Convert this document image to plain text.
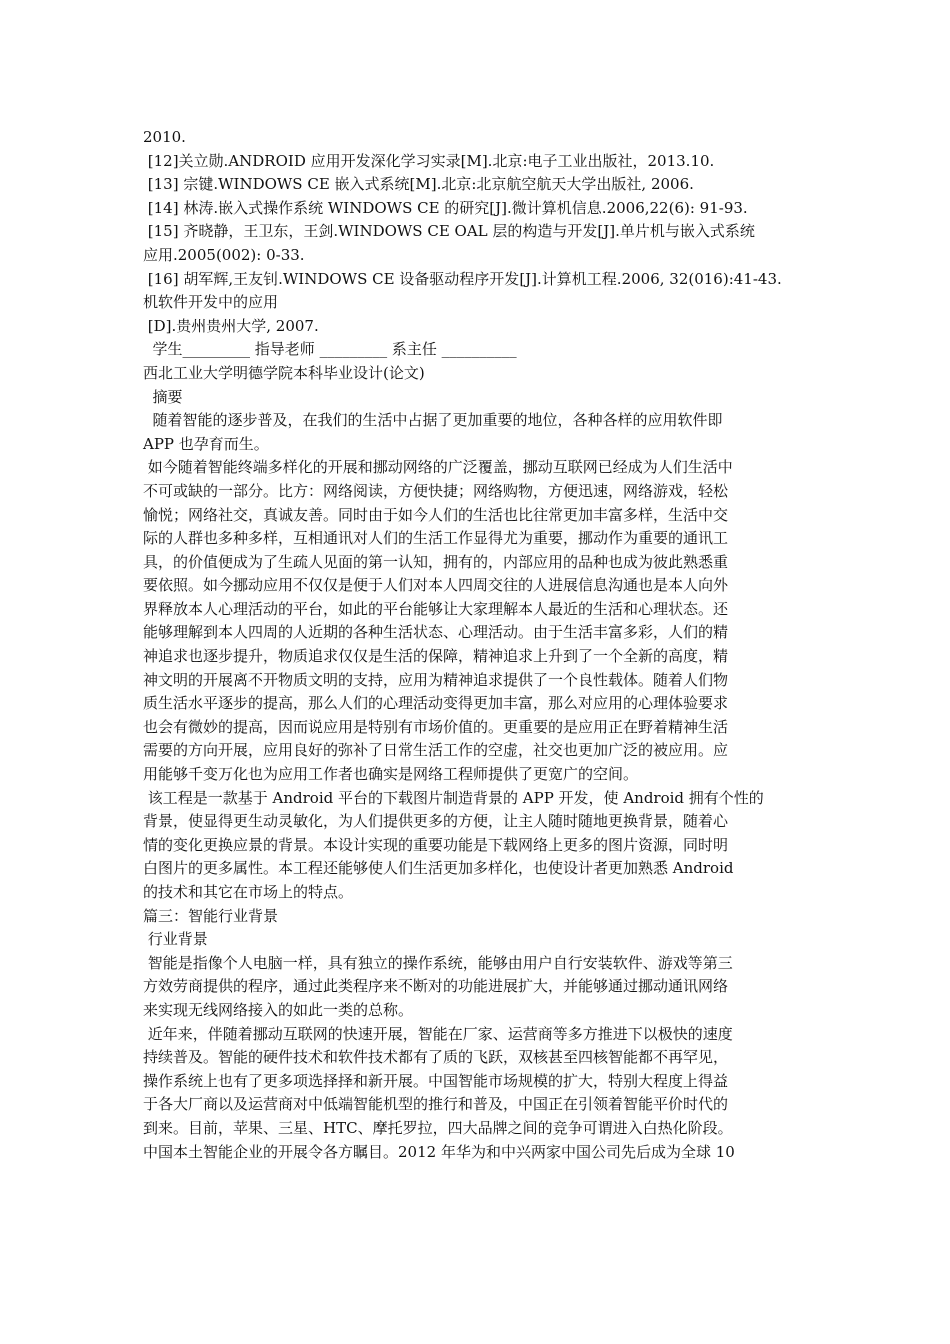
2010.
[12]关立勋.ANDROID 应用开发深化学习实录[M].北京:电子工业出版社，2013.10.
[13] 宗键.WINDOWS CE 嵌入式系统[M].北京:北京航空航天大学出版社, 2006.
[14] 林涛.嵌入式操作系统 WINDOWS CE 的研究[J].微计算机信息.2006,22(6): 91-93.
[15] 齐晓静，王卫东，王剑.WINDOWS CE OAL 层的构造与开发[J].单片机与嵌入式系统
应用.2005(002): 0-33.
[16] 胡军辉,王友钊.WINDOWS CE 设备驱动程序开发[J].计算机工程.2006, 32(016):41-43.
机软件开发中的应用
[D].贵州贵州大学, 2007.
学生_________ 指导老师 _________ 系主任 __________
西北工业大学明德学院本科毕业设计(论文)
摘要
随着智能的逐步普及，在我们的生活中占据了更加重要的地位，各种各样的应用软件即
APP 也孕育而生。
如今随着智能终端多样化的开展和挪动网络的广泛覆盖，挪动互联网已经成为人们生活中
不可或缺的一部分。比方：网络阅读，方便快捷；网络购物，方便迅速，网络游戏，轻松
愉悦；网络社交，真诚友善。同时由于如今人们的生活也比往常更加丰富多样，生活中交
际的人群也多种多样，互相通讯对人们的生活工作显得尤为重要，挪动作为重要的通讯工
具，的价值便成为了生疏人见面的第一认知，拥有的，内部应用的品种也成为彼此熟悉重
要依照。如今挪动应用不仅仅是便于人们对本人四周交往的人进展信息沟通也是本人向外
界释放本人心理活动的平台，如此的平台能够让大家理解本人最近的生活和心理状态。还
能够理解到本人四周的人近期的各种生活状态、心理活动。由于生活丰富多彩，人们的精
神追求也逐步提升，物质追求仅仅是生活的保障，精神追求上升到了一个全新的高度，精
神文明的开展离不开物质文明的支持，应用为精神追求提供了一个良性载体。随着人们物
质生活水平逐步的提高，那么人们的心理活动变得更加丰富，那么对应用的心理体验要求
也会有微妙的提高，因而说应用是特别有市场价值的。更重要的是应用正在野着精神生活
需要的方向开展，应用良好的弥补了日常生活工作的空虚，社交也更加广泛的被应用。应
用能够千变万化也为应用工作者也确实是网络工程师提供了更宽广的空间。
该工程是一款基于 Android 平台的下载图片制造背景的 APP 开发，使 Android 拥有个性的
背景，使显得更生动灵敏化，为人们提供更多的方便，让主人随时随地更换背景，随着心
情的变化更换应景的背景。本设计实现的重要功能是下载网络上更多的图片资源，同时明
白图片的更多属性。本工程还能够使人们生活更加多样化，也使设计者更加熟悉 Android
的技术和其它在市场上的特点。
篇三：智能行业背景
行业背景
智能是指像个人电脑一样，具有独立的操作系统，能够由用户自行安装软件、游戏等第三
方效劳商提供的程序，通过此类程序来不断对的功能进展扩大，并能够通过挪动通讯网络
来实现无线网络接入的如此一类的总称。
近年来，伴随着挪动互联网的快速开展，智能在厂家、运营商等多方推进下以极快的速度
持续普及。智能的硬件技术和软件技术都有了质的飞跃，双核甚至四核智能都不再罕见，
操作系统上也有了更多项选择择和新开展。中国智能市场规模的扩大，特别大程度上得益
于各大厂商以及运营商对中低端智能机型的推行和普及，中国正在引领着智能平价时代的
到来。目前，苹果、三星、HTC、摩托罗拉，四大品牌之间的竞争可谓进入白热化阶段。
中国本土智能企业的开展令各方瞩目。2012 年华为和中兴两家中国公司先后成为全球 10
